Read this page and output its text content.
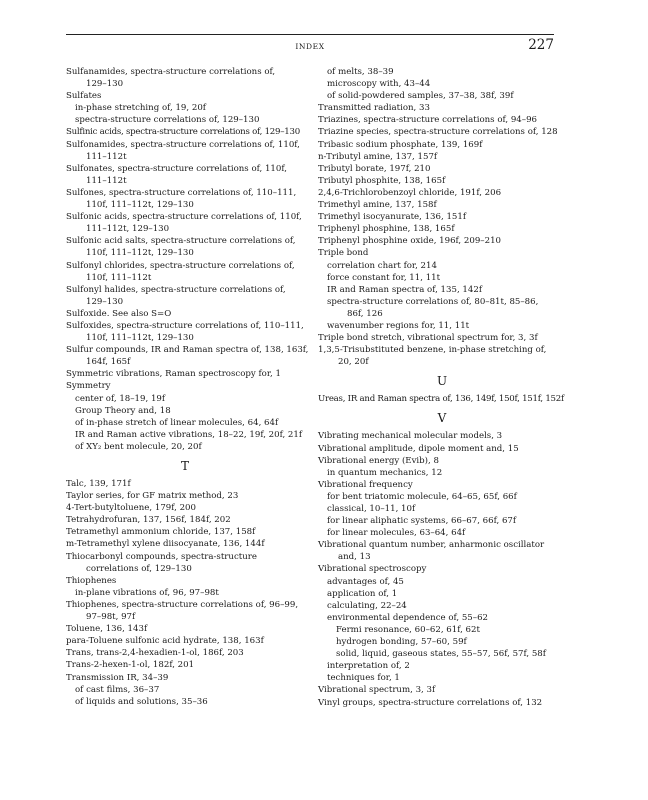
INDEX	227
Sulfanamides, spectra-structure correlations of,
129–130
Sulfates
in-phase stretching of, 19, 20f
spectra-structure correlations of, 129–130
Sulfinic acids, spectra-structure correlations of, 129–130
Sulfonamides, spectra-structure correlations of, 110f,
111–112t
Sulfonates, spectra-structure correlations of, 110f,
111–112t
Sulfones, spectra-structure correlations of, 110–111,
110f, 111–112t, 129–130
Sulfonic acids, spectra-structure correlations of, 110f,
111–112t, 129–130
Sulfonic acid salts, spectra-structure correlations of,
110f, 111–112t, 129–130
Sulfonyl chlorides, spectra-structure correlations of,
110f, 111–112t
Sulfonyl halides, spectra-structure correlations of,
129–130
Sulfoxide. See also S=O
Sulfoxides, spectra-structure correlations of, 110–111,
110f, 111–112t, 129–130
Sulfur compounds, IR and Raman spectra of, 138, 163f,
164f, 165f
Symmetric vibrations, Raman spectroscopy for, 1
Symmetry
center of, 18–19, 19f
Group Theory and, 18
of in-phase stretch of linear molecules, 64, 64f
IR and Raman active vibrations, 18–22, 19f, 20f, 21f
of XY₂ bent molecule, 20, 20f
T
Talc, 139, 171f
Taylor series, for GF matrix method, 23
4-Tert-butyltoluene, 179f, 200
Tetrahydrofuran, 137, 156f, 184f, 202
Tetramethyl ammonium chloride, 137, 158f
m-Tetramethyl xylene diisocyanate, 136, 144f
Thiocarbonyl compounds, spectra-structure
correlations of, 129–130
Thiophenes
in-plane vibrations of, 96, 97–98t
Thiophenes, spectra-structure correlations of, 96–99,
97–98t, 97f
Toluene, 136, 143f
para-Toluene sulfonic acid hydrate, 138, 163f
Trans, trans-2,4-hexadien-1-ol, 186f, 203
Trans-2-hexen-1-ol, 182f, 201
Transmission IR, 34–39
of cast films, 36–37
of liquids and solutions, 35–36
of melts, 38–39
microscopy with, 43–44
of solid-powdered samples, 37–38, 38f, 39f
Transmitted radiation, 33
Triazines, spectra-structure correlations of, 94–96
Triazine species, spectra-structure correlations of, 128
Tribasic sodium phosphate, 139, 169f
n-Tributyl amine, 137, 157f
Tributyl borate, 197f, 210
Tributyl phosphite, 138, 165f
2,4,6-Trichlorobenzoyl chloride, 191f, 206
Trimethyl amine, 137, 158f
Trimethyl isocyanurate, 136, 151f
Triphenyl phosphine, 138, 165f
Triphenyl phosphine oxide, 196f, 209–210
Triple bond
correlation chart for, 214
force constant for, 11, 11t
IR and Raman spectra of, 135, 142f
spectra-structure correlations of, 80–81t, 85–86,
86f, 126
wavenumber regions for, 11, 11t
Triple bond stretch, vibrational spectrum for, 3, 3f
1,3,5-Trisubstituted benzene, in-phase stretching of,
20, 20f
U
Ureas, IR and Raman spectra of, 136, 149f, 150f, 151f, 152f
V
Vibrating mechanical molecular models, 3
Vibrational amplitude, dipole moment and, 15
Vibrational energy (Evib), 8
in quantum mechanics, 12
Vibrational frequency
for bent triatomic molecule, 64–65, 65f, 66f
classical, 10–11, 10f
for linear aliphatic systems, 66–67, 66f, 67f
for linear molecules, 63–64, 64f
Vibrational quantum number, anharmonic oscillator
and, 13
Vibrational spectroscopy
advantages of, 45
application of, 1
calculating, 22–24
environmental dependence of, 55–62
Fermi resonance, 60–62, 61f, 62t
hydrogen bonding, 57–60, 59f
solid, liquid, gaseous states, 55–57, 56f, 57f, 58f
interpretation of, 2
techniques for, 1
Vibrational spectrum, 3, 3f
Vinyl groups, spectra-structure correlations of, 132
